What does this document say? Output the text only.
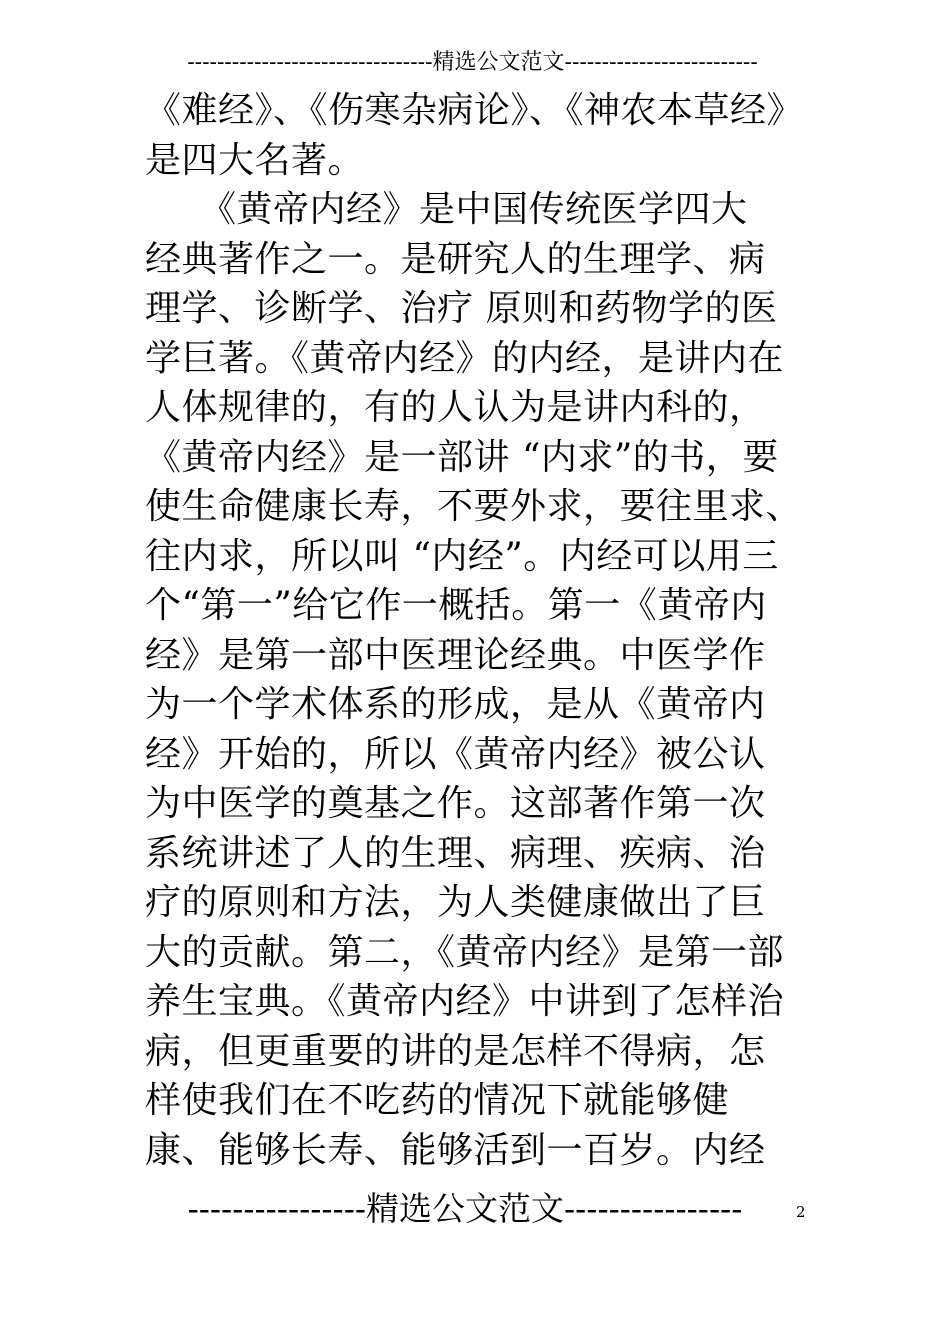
---------------------------------精选公文范文--------------------------
《难经》、《伤寒杂病论》、《神农本草经》
是四大名著。
　　《黄帝内经》是中国传统医学四大
经典著作之一。是研究人的生理学、病
理学、诊断学、治疗 原则和药物学的医
学巨著。《黄帝内经》的内经，是讲内在
人体规律的，有的人认为是讲内科的，
《黄帝内经》是一部讲 “内求”的书，要
使生命健康长寿，不要外求，要往里求、
往内求，所以叫 “内经”。内经可以用三
个“第一”给它作一概括。第一《黄帝内
经》是第一部中医理论经典。中医学作
为一个学术体系的形成，是从《黄帝内
经》开始的，所以《黄帝内经》被公认
为中医学的奠基之作。这部著作第一次
系统讲述了人的生理、病理、疾病、治
疗的原则和方法，为人类健康做出了巨
大的贡献。第二，《黄帝内经》是第一部
养生宝典。《黄帝内经》中讲到了怎样治
病，但更重要的讲的是怎样不得病，怎
样使我们在不吃药的情况下就能够健
康、能够长寿、能够活到一百岁。内经
----------------精选公文范文----------------	2
